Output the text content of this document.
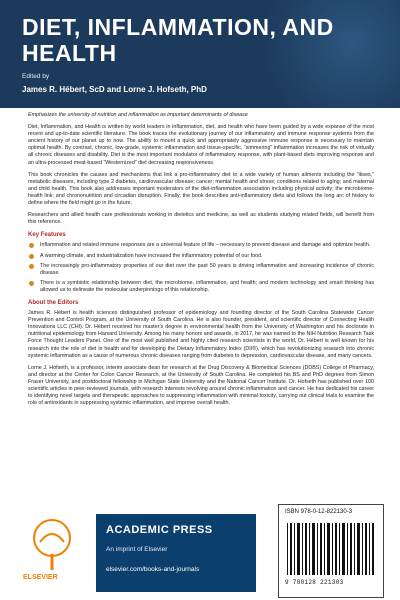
DIET, INFLAMMATION, AND HEALTH
Edited by
James R. Hébert, ScD and Lorne J. Hofseth, PhD
Emphasizes the university of nutrition and inflammation as important determinants of disease
Diet, Inflammation, and Health is written by world leaders in inflammation, diet, and health who have been guided by a wide expanse of the most recent and up-to-date scientific literature. The book traces the evolutionary journey of our inflammatory and immune response systems from the ancient history of our planet up to now. The ability to mount a quick and appropriately aggressive immune response is necessary to maintain optimal health. By contrast, chronic, low-grade, systemic inflammation and tissue-specific, “simmering” inflammation increases the risk of virtually all chronic diseases and disability. Diet is the most important modulator of inflammatory response, with plant-based diets improving response and an ultra-processed meat-based “Westernized” diet decreasing responsiveness.
This book chronicles the causes and mechanisms that link a pro-inflammatory diet to a wide variety of human ailments including the “itises,” metabolic diseases, including type 2 diabetes, cardiovascular disease; cancer; mental health and stress; conditions related to aging; and maternal and child health. This book also addresses important moderators of the diet-inflammation association including physical activity; the microbiome-health link; and chrononutrition and circadian disruption. Finally, the book describes anti-inflammatory diets and follows the long arc of history to define where the field might go in the future.
Researchers and allied health care professionals working in dietetics and medicine, as well as students studying related fields, will benefit from this reference.
Key Features
Inflammation and related immune responses are a universal feature of life – necessary to prevent disease and damage and optimize health.
A warming climate, and industrialization have increased the inflammatory potential of our food.
The increasingly pro-inflammatory properties of our diet over the past 50 years is driving inflammation and increasing incidence of chronic disease.
There is a symbiotic relationship between diet, the microbiome, inflammation, and health; and modern technology and smart thinking has allowed us to delineate the molecular underpinnings of this relationship.
About the Editors
James R. Hébert is health sciences distinguished professor of epidemiology and founding director of the South Carolina Statewide Cancer Prevention and Control Program, at the University of South Carolina. He is also founder, president, and scientific director of Connecting Health Innovations LLC (CHI). Dr. Hébert received his master’s degree in environmental health from the University of Washington and his doctorate in nutritional epidemiology from Harvard University. Among his many honors and awards, in 2017, he was named to the NIH Nutrition Research Task Force Thought Leaders Panel. One of the most well published and highly cited research scientists in the world, Dr. Hébert is well known for his research into the role of diet in health and for developing the Dietary Inflammatory Index (DII®), which has revolutionizing research into chronic systemic inflammation as a cause of numerous chronic diseases ranging from diabetes to depression, cardiovascular disease, and many cancers.
Lorne J. Hofseth, is a professor, interim associate dean for research at the Drug Discovery & Biomedical Sciences (DDBS) College of Pharmacy, and director at the Center for Colon Cancer Research, at the University of South Carolina. He completed his BS and PhD degrees from Simon Fraser University, and postdoctoral fellowship in Michigan State University and the National Cancer Institute. Dr. Hofseth has published over 100 scientific articles in peer-reviewed journals, with research interests revolving around chronic inflammation and cancer. He has dedicated his career to identifying novel targets and therapeutic approaches to suppressing inflammation with minimal toxicity, carrying out clinical trials to examine the role of antioxidants in suppressing systemic inflammation, and improve overall health.
ELSEVIER
ACADEMIC PRESS
An imprint of Elsevier
elsevier.com/books-and-journals
ISBN 978-0-12-822130-3
9 780128 221303
